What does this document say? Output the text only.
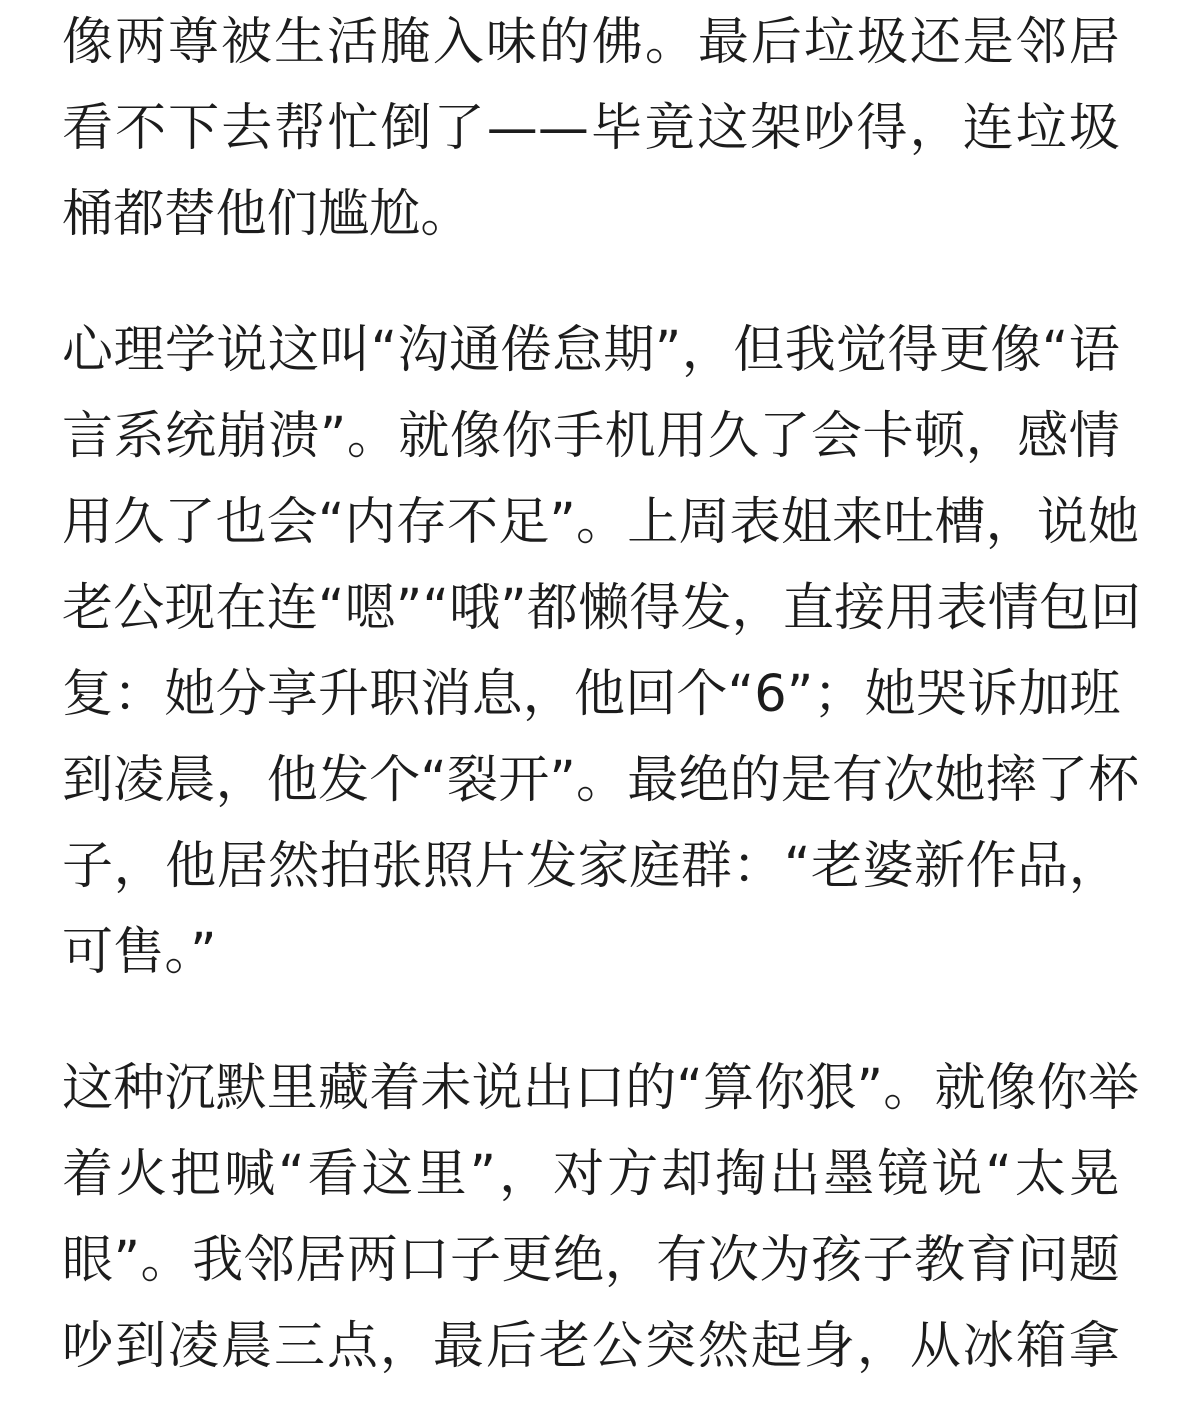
像两尊被生活腌入味的佛。最后垃圾还是邻居
看不下去帮忙倒了——毕竟这架吵得，连垃圾
桶都替他们尴尬。
心理学说这叫“沟通倦怠期”，但我觉得更像“语
言系统崩溃”。就像你手机用久了会卡顿，感情
用久了也会“内存不足”。上周表姐来吐槽，说她
老公现在连“嗯”“哦”都懒得发，直接用表情包回
复：她分享升职消息，他回个“6”；她哭诉加班
到凌晨，他发个“裂开”。最绝的是有次她摔了杯
子，他居然拍张照片发家庭群：“老婆新作品，
可售。”
这种沉默里藏着未说出口的“算你狠”。就像你举
着火把喊“看这里”，对方却掏出墨镜说“太晃
眼”。我邻居两口子更绝，有次为孩子教育问题
吵到凌晨三点，最后老公突然起身，从冰箱拿
